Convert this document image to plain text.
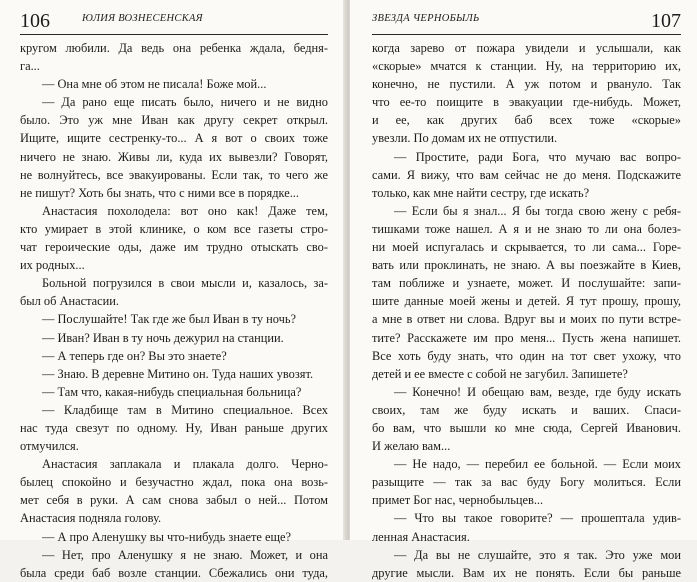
106	ЮЛИЯ ВОЗНЕСЕНСКАЯ
кругом любили. Да ведь она ребенка ждала, бедня-
га...
— Она мне об этом не писала! Боже мой...
— Да рано еще писать было, ничего и не видно
было. Это уж мне Иван как другу секрет открыл.
Ищите, ищите сестренку-то... А я вот о своих тоже
ничего не знаю. Живы ли, куда их вывезли? Говорят,
не волнуйтесь, все эвакуированы. Если так, то чего же
не пишут? Хоть бы знать, что с ними все в порядке...
Анастасия похолодела: вот оно как! Даже тем,
кто умирает в этой клинике, о ком все газеты стро-
чат героические оды, даже им трудно отыскать сво-
их родных...
Больной погрузился в свои мысли и, казалось, за-
был об Анастасии.
— Послушайте! Так где же был Иван в ту ночь?
— Иван? Иван в ту ночь дежурил на станции.
— А теперь где он? Вы это знаете?
— Знаю. В деревне Митино он. Туда наших увозят.
— Там что, какая-нибудь специальная больница?
— Кладбище там в Митино специальное. Всех
нас туда свезут по одному. Ну, Иван раньше других
отмучился.
Анастасия заплакала и плакала долго. Черно-
былец спокойно и безучастно ждал, пока она возь-
мет себя в руки. А сам снова забыл о ней... Потом
Анастасия подняла голову.
— А про Аленушку вы что-нибудь знаете еще?
— Нет, про Аленушку я не знаю. Может, и она
была среди баб возле станции. Сбежались они туда,
ЗВЕЗДА ЧЕРНОБЫЛЬ	107
когда зарево от пожара увидели и услышали, как
«скорые» мчатся к станции. Ну, на территорию их,
конечно, не пустили. А уж потом и рвануло. Так
что ее-то поищите в эвакуации где-нибудь. Может,
и ее, как других баб всех тоже «скорые»
увезли. По домам их не отпустили.
— Простите, ради Бога, что мучаю вас вопро-
сами. Я вижу, что вам сейчас не до меня. Подскажите
только, как мне найти сестру, где искать?
— Если бы я знал... Я бы тогда свою жену с ребя-
тишками тоже нашел. А я и не знаю то ли она болез-
ни моей испугалась и скрывается, то ли сама... Горе-
вать или проклинать, не знаю. А вы поезжайте в Киев,
там поближе и узнаете, может. И послушайте: запи-
шите данные моей жены и детей. Я тут прошу, прошу,
а мне в ответ ни слова. Вдруг вы и моих по пути встре-
тите? Расскажете им про меня... Пусть жена напишет.
Все хоть буду знать, что один на тот свет ухожу, что
детей и ее вместе с собой не загубил. Запишете?
— Конечно! И обещаю вам, везде, где буду искать
своих, там же буду искать и ваших. Спаси-
бо вам, что вышли ко мне сюда, Сергей Иванович.
И желаю вам...
— Не надо, — перебил ее больной. — Если моих
разыщите — так за вас буду Богу молиться. Если
примет Бог нас, чернобыльцев...
— Что вы такое говорите? — прошептала удив-
ленная Анастасия.
— Да вы не слушайте, это я так. Это уже мои
другие мысли. Вам их не понять. Если бы раньше
